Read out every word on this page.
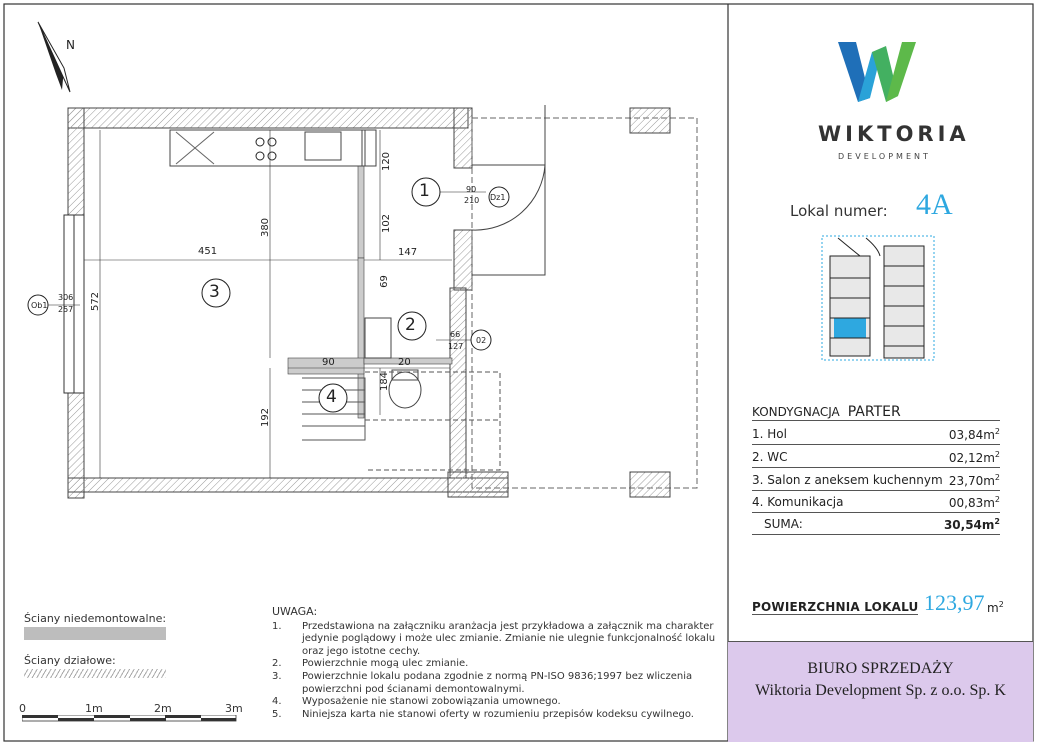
N
1
2
3
4
451
380
572
192
120
102
147
69
90	20
184
90
210 Dz1
306
257
Ob1
66
127
02
WIKTORIA
DEVELOPMENT
Lokal numer: 4A
KONDYGNACJA PARTER
1. Hol	$03,84m^2$
2. WC	$02,12m^2$
3. Salon z aneksem kuchennym $23,70m^2$
4. Komunikacja	$00,83m^2$
SUMA:	$30,54m^2$
POWIERZCHNIA LOKALU 123,97 $m^2$
BIURO SPRZEDAŻY
Wiktoria Development Sp. z o.o. Sp. K
Ściany niedemontowalne:
Ściany działowe:
0	1m	2m	3m
UWAGA:
1. Przedstawiona na załączniku aranżacja jest przykładowa a załącznik ma charakter jedynie poglądowy i może ulec zmianie. Zmianie nie ulegnie funkcjonalność lokalu oraz jego istotne cechy.
2. Powierzchnie mogą ulec zmianie.
3. Powierzchnie lokalu podana zgodnie z normą PN-ISO 9836;1997 bez wliczenia powierzchni pod ścianami demontowalnymi.
4. Wyposażenie nie stanowi zobowiązania umownego.
5. Niniejsza karta nie stanowi oferty w rozumieniu przepisów kodeksu cywilnego.
